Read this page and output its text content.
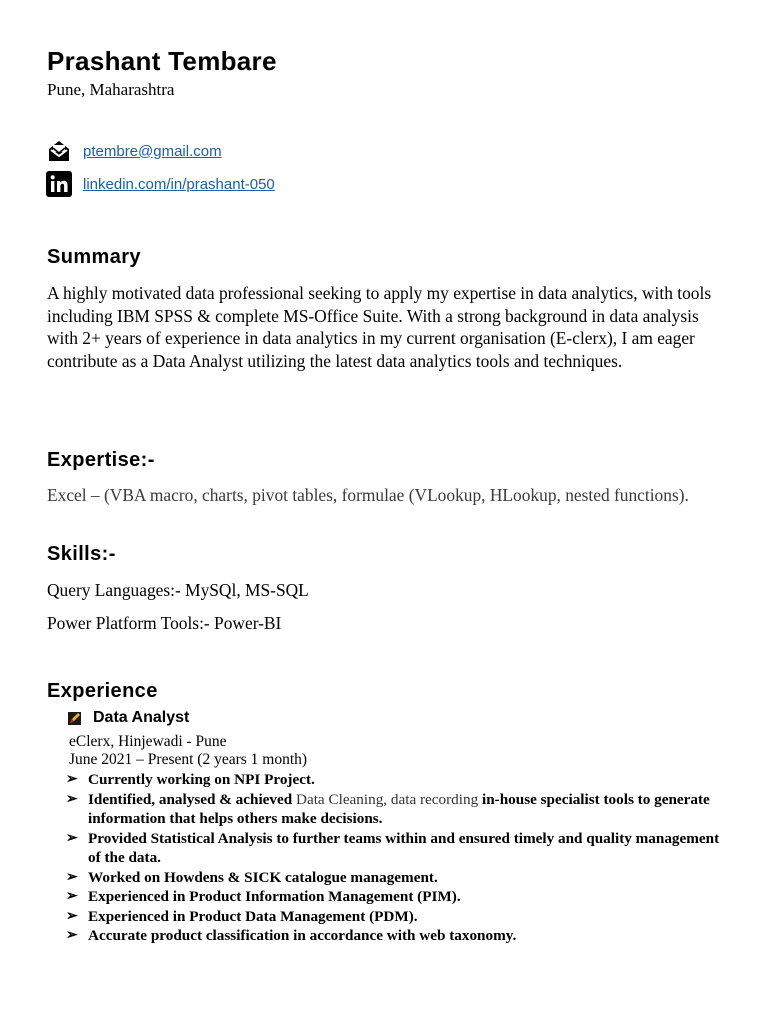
Prashant Tembare
Pune, Maharashtra
ptembre@gmail.com
linkedin.com/in/prashant-050
Summary

A highly motivated data professional seeking to apply my expertise in data analytics, with tools including IBM SPSS & complete MS-Office Suite. With a strong background in data analysis with 2+ years of experience in data analytics in my current organisation (E-clerx), I am eager contribute as a Data Analyst utilizing the latest data analytics tools and techniques.

Expertise:-

Excel – (VBA macro, charts, pivot tables, formulae (VLookup, HLookup, nested functions).

Skills:-

Query Languages:- MySQl, MS-SQL

Power Platform Tools:- Power-BI

Experience
Data Analyst
eClerx, Hinjewadi - Pune
June 2021 – Present (2 years 1 month)
➢ Currently working on NPI Project.
➢ Identified, analysed & achieved Data Cleaning, data recording in-house specialist tools to generate information that helps others make decisions.
➢ Provided Statistical Analysis to further teams within and ensured timely and quality management of the data.
➢ Worked on Howdens & SICK catalogue management.
➢ Experienced in Product Information Management (PIM).
➢ Experienced in Product Data Management (PDM).
➢ Accurate product classification in accordance with web taxonomy.
